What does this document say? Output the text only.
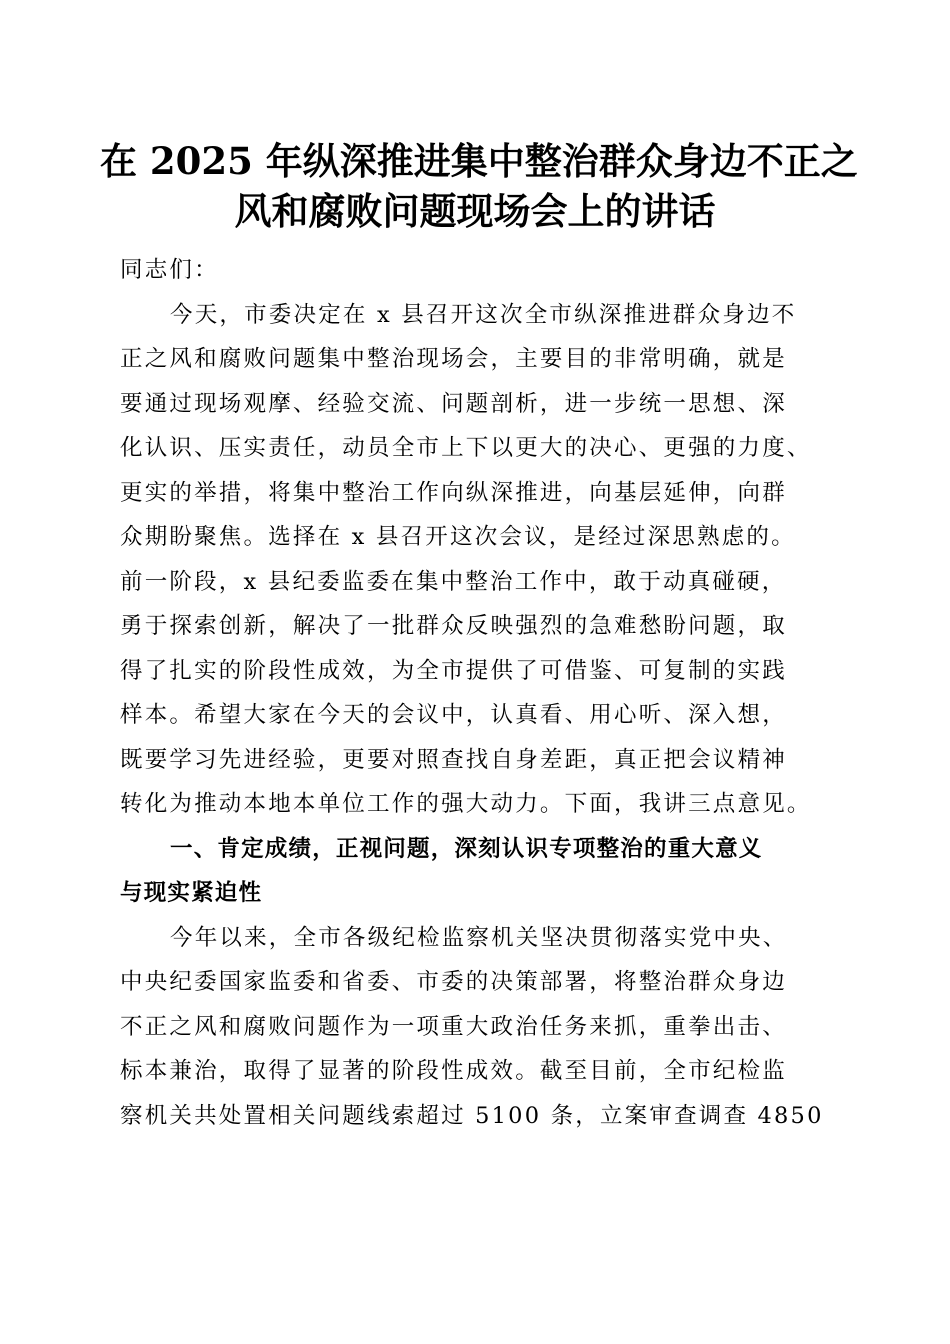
在 2025 年纵深推进集中整治群众身边不正之
风和腐败问题现场会上的讲话
同志们：
今天，市委决定在 x 县召开这次全市纵深推进群众身边不
正之风和腐败问题集中整治现场会，主要目的非常明确，就是
要通过现场观摩、经验交流、问题剖析，进一步统一思想、深
化认识、压实责任，动员全市上下以更大的决心、更强的力度、
更实的举措，将集中整治工作向纵深推进，向基层延伸，向群
众期盼聚焦。选择在 x 县召开这次会议，是经过深思熟虑的。
前一阶段，x 县纪委监委在集中整治工作中，敢于动真碰硬，
勇于探索创新，解决了一批群众反映强烈的急难愁盼问题，取
得了扎实的阶段性成效，为全市提供了可借鉴、可复制的实践
样本。希望大家在今天的会议中，认真看、用心听、深入想，
既要学习先进经验，更要对照查找自身差距，真正把会议精神
转化为推动本地本单位工作的强大动力。下面，我讲三点意见。
一、肯定成绩，正视问题，深刻认识专项整治的重大意义
与现实紧迫性
今年以来，全市各级纪检监察机关坚决贯彻落实党中央、
中央纪委国家监委和省委、市委的决策部署，将整治群众身边
不正之风和腐败问题作为一项重大政治任务来抓，重拳出击、
标本兼治，取得了显著的阶段性成效。截至目前，全市纪检监
察机关共处置相关问题线索超过 5100 条，立案审查调查 4850
